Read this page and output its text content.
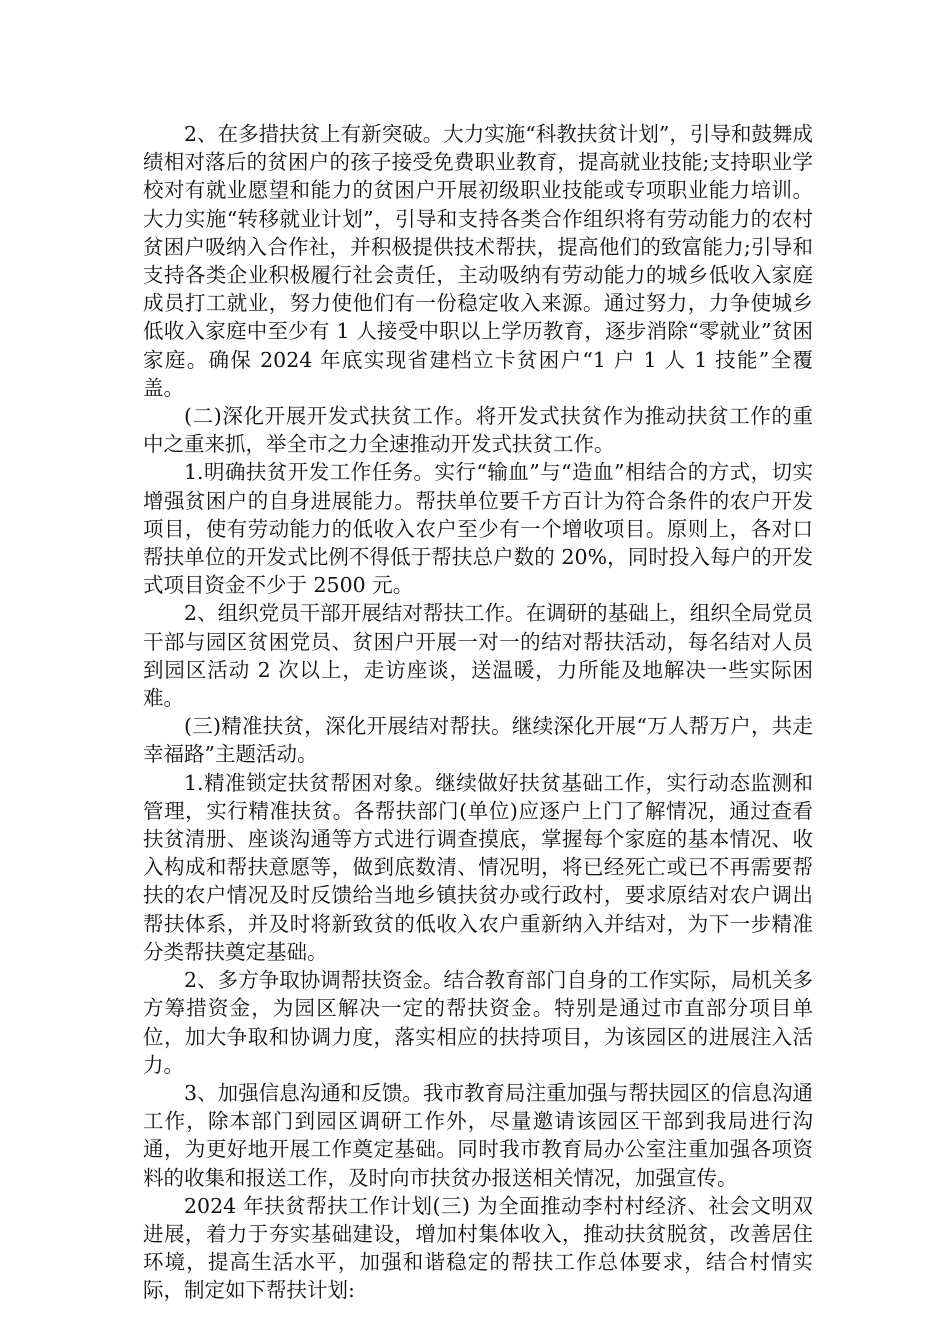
2、在多措扶贫上有新突破。大力实施“科教扶贫计划”，引导和鼓舞成绩相对落后的贫困户的孩子接受免费职业教育，提高就业技能;支持职业学校对有就业愿望和能力的贫困户开展初级职业技能或专项职业能力培训。大力实施“转移就业计划”，引导和支持各类合作组织将有劳动能力的农村贫困户吸纳入合作社，并积极提供技术帮扶，提高他们的致富能力;引导和支持各类企业积极履行社会责任，主动吸纳有劳动能力的城乡低收入家庭成员打工就业，努力使他们有一份稳定收入来源。通过努力，力争使城乡低收入家庭中至少有 1 人接受中职以上学历教育，逐步消除“零就业”贫困家庭。确保 2024 年底实现省建档立卡贫困户“1 户 1 人 1 技能”全覆盖。

(二)深化开展开发式扶贫工作。将开发式扶贫作为推动扶贫工作的重中之重来抓，举全市之力全速推动开发式扶贫工作。

1.明确扶贫开发工作任务。实行“输血”与“造血”相结合的方式，切实增强贫困户的自身进展能力。帮扶单位要千方百计为符合条件的农户开发项目，使有劳动能力的低收入农户至少有一个增收项目。原则上，各对口帮扶单位的开发式比例不得低于帮扶总户数的 20%，同时投入每户的开发式项目资金不少于 2500 元。

2、组织党员干部开展结对帮扶工作。在调研的基础上，组织全局党员干部与园区贫困党员、贫困户开展一对一的结对帮扶活动，每名结对人员到园区活动 2 次以上，走访座谈，送温暖，力所能及地解决一些实际困难。

(三)精准扶贫，深化开展结对帮扶。继续深化开展“万人帮万户，共走幸福路”主题活动。

1.精准锁定扶贫帮困对象。继续做好扶贫基础工作，实行动态监测和管理，实行精准扶贫。各帮扶部门(单位)应逐户上门了解情况，通过查看扶贫清册、座谈沟通等方式进行调查摸底，掌握每个家庭的基本情况、收入构成和帮扶意愿等，做到底数清、情况明，将已经死亡或已不再需要帮扶的农户情况及时反馈给当地乡镇扶贫办或行政村，要求原结对农户调出帮扶体系，并及时将新致贫的低收入农户重新纳入并结对，为下一步精准分类帮扶奠定基础。

2、多方争取协调帮扶资金。结合教育部门自身的工作实际，局机关多方筹措资金，为园区解决一定的帮扶资金。特别是通过市直部分项目单位，加大争取和协调力度，落实相应的扶持项目，为该园区的进展注入活力。

3、加强信息沟通和反馈。我市教育局注重加强与帮扶园区的信息沟通工作，除本部门到园区调研工作外，尽量邀请该园区干部到我局进行沟通，为更好地开展工作奠定基础。同时我市教育局办公室注重加强各项资料的收集和报送工作，及时向市扶贫办报送相关情况，加强宣传。

2024 年扶贫帮扶工作计划(三) 为全面推动李村村经济、社会文明双进展，着力于夯实基础建设，增加村集体收入，推动扶贫脱贫，改善居住环境，提高生活水平，加强和谐稳定的帮扶工作总体要求，结合村情实际，制定如下帮扶计划:
